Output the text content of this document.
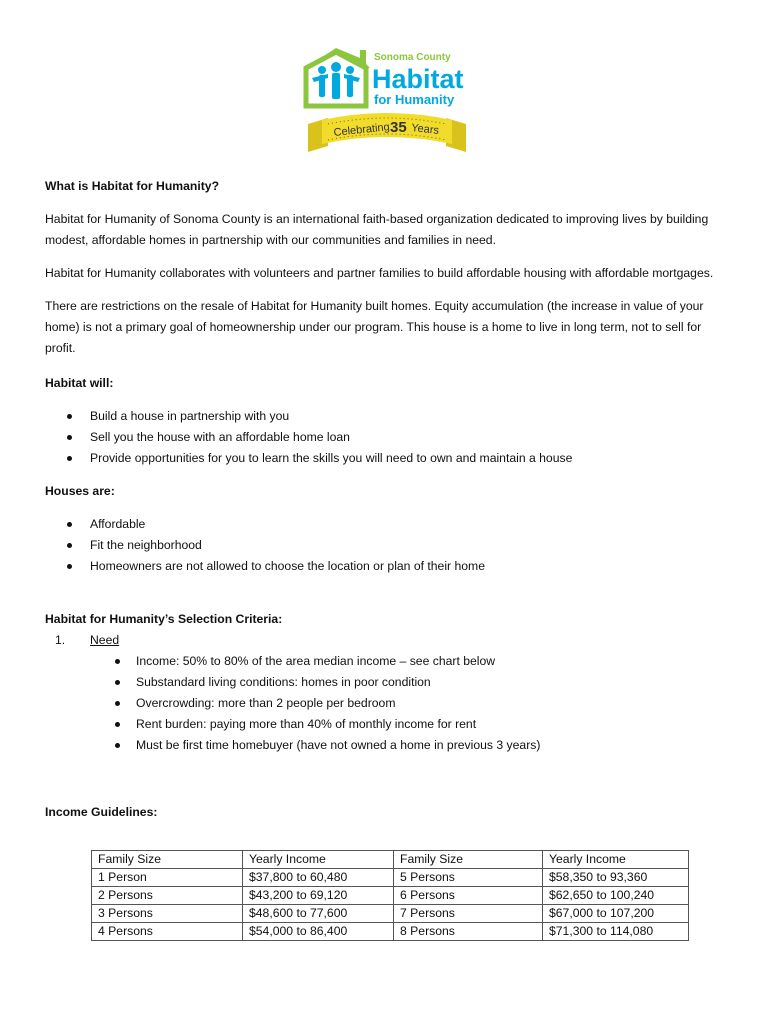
Sonoma County
Habitat
for Humanity
Celebrating 35 Years

What is Habitat for Humanity?

Habitat for Humanity of Sonoma County is an international faith-based organization dedicated to improving lives by building modest, affordable homes in partnership with our communities and families in need.

Habitat for Humanity collaborates with volunteers and partner families to build affordable housing with affordable mortgages.

There are restrictions on the resale of Habitat for Humanity built homes. Equity accumulation (the increase in value of your home) is not a primary goal of homeownership under our program. This house is a home to live in long term, not to sell for profit.

Habitat will:

Build a house in partnership with you
Sell you the house with an affordable home loan
Provide opportunities for you to learn the skills you will need to own and maintain a house

Houses are:

Affordable
Fit the neighborhood
Homeowners are not allowed to choose the location or plan of their home

Habitat for Humanity’s Selection Criteria:

1. Need
Income: 50% to 80% of the area median income – see chart below
Substandard living conditions: homes in poor condition
Overcrowding: more than 2 people per bedroom
Rent burden: paying more than 40% of monthly income for rent
Must be first time homebuyer (have not owned a home in previous 3 years)

Income Guidelines:

Family Size	Yearly Income	Family Size	Yearly Income
1 Person	$37,800 to 60,480	5 Persons	$58,350 to 93,360
2 Persons	$43,200 to 69,120	6 Persons	$62,650 to 100,240
3 Persons	$48,600 to 77,600	7 Persons	$67,000 to 107,200
4 Persons	$54,000 to 86,400	8 Persons	$71,300 to 114,080
